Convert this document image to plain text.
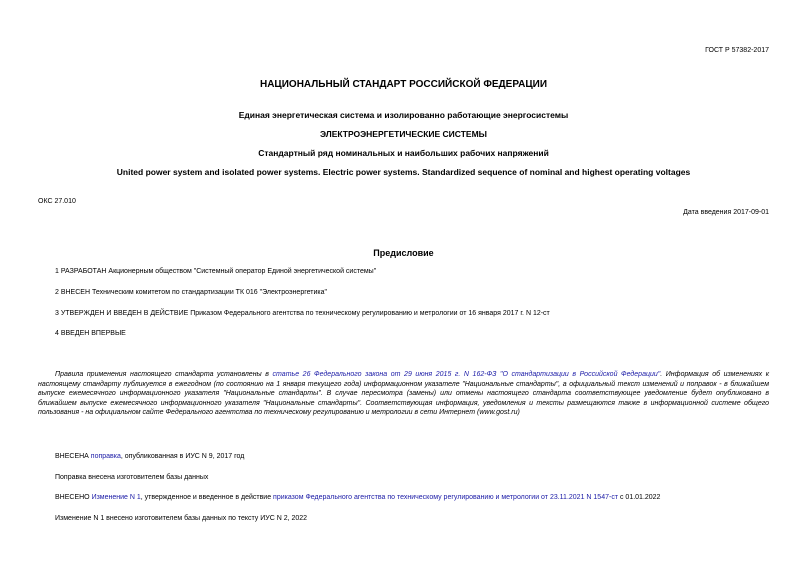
ГОСТ Р 57382-2017
НАЦИОНАЛЬНЫЙ СТАНДАРТ РОССИЙСКОЙ ФЕДЕРАЦИИ
Единая энергетическая система и изолированно работающие энергосистемы
ЭЛЕКТРОЭНЕРГЕТИЧЕСКИЕ СИСТЕМЫ
Стандартный ряд номинальных и наибольших рабочих напряжений
United power system and isolated power systems. Electric power systems. Standardized sequence of nominal and highest operating voltages
ОКС 27.010
Дата введения 2017-09-01
Предисловие
1 РАЗРАБОТАН Акционерным обществом "Системный оператор Единой энергетической системы"
2 ВНЕСЕН Техническим комитетом по стандартизации ТК 016 "Электроэнергетика"
3 УТВЕРЖДЕН И ВВЕДЕН В ДЕЙСТВИЕ Приказом Федерального агентства по техническому регулированию и метрологии от 16 января 2017 г. N 12-ст
4 ВВЕДЕН ВПЕРВЫЕ
Правила применения настоящего стандарта установлены в статье 26 Федерального закона от 29 июня 2015 г. N 162-ФЗ "О стандартизации в Российской Федерации". Информация об изменениях к настоящему стандарту публикуется в ежегодном (по состоянию на 1 января текущего года) информационном указателе "Национальные стандарты", а официальный текст изменений и поправок - в ближайшем выпуске ежемесячного информационного указателя "Национальные стандарты". В случае пересмотра (замены) или отмены настоящего стандарта соответствующее уведомление будет опубликовано в ближайшем выпуске ежемесячного информационного указателя "Национальные стандарты". Соответствующая информация, уведомления и тексты размещаются также в информационной системе общего пользования - на официальном сайте Федерального агентства по техническому регулированию и метрологии в сети Интернет (www.gost.ru)
ВНЕСЕНА поправка, опубликованная в ИУС N 9, 2017 год
Поправка внесена изготовителем базы данных
ВНЕСЕНО Изменение N 1, утвержденное и введенное в действие приказом Федерального агентства по техническому регулированию и метрологии от 23.11.2021 N 1547-ст с 01.01.2022
Изменение N 1 внесено изготовителем базы данных по тексту ИУС N 2, 2022
